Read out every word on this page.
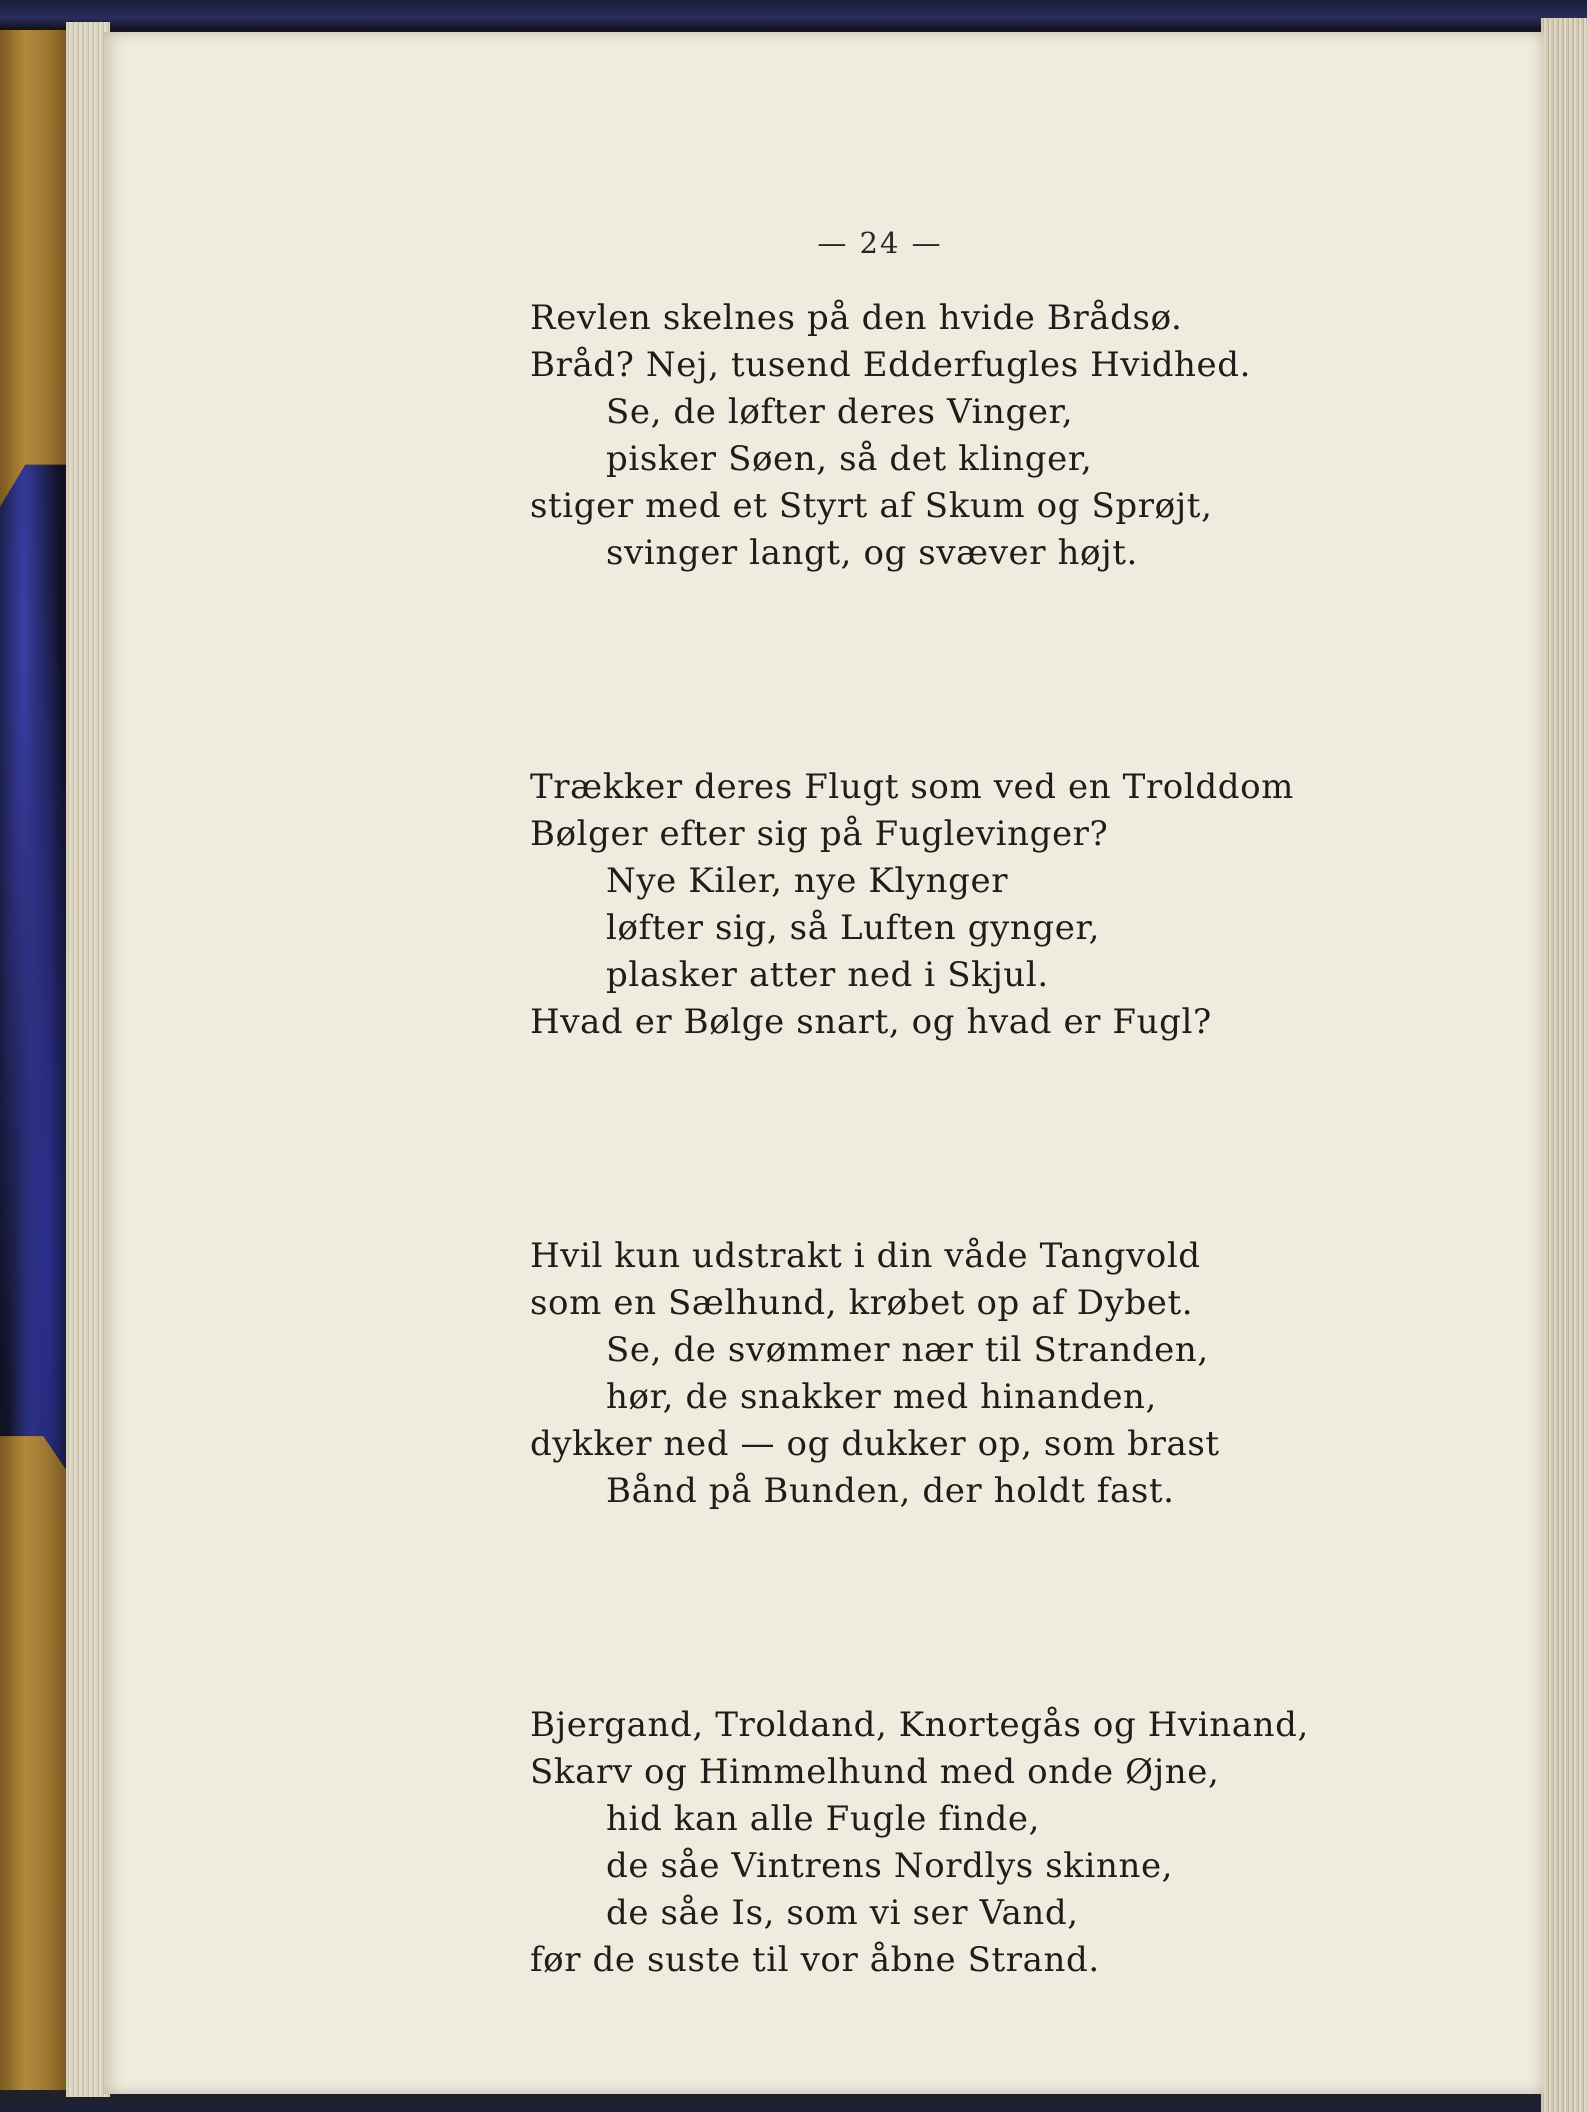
— 24 —
Revlen skelnes på den hvide Brådsø.
Bråd? Nej, tusend Edderfugles Hvidhed.
Se, de løfter deres Vinger,
pisker Søen, så det klinger,
stiger med et Styrt af Skum og Sprøjt,
svinger langt, og svæver højt.
Trækker deres Flugt som ved en Trolddom
Bølger efter sig på Fuglevinger?
Nye Kiler, nye Klynger
løfter sig, så Luften gynger,
plasker atter ned i Skjul.
Hvad er Bølge snart, og hvad er Fugl?
Hvil kun udstrakt i din våde Tangvold
som en Sælhund, krøbet op af Dybet.
Se, de svømmer nær til Stranden,
hør, de snakker med hinanden,
dykker ned — og dukker op, som brast
Bånd på Bunden, der holdt fast.
Bjergand, Troldand, Knortegås og Hvinand,
Skarv og Himmelhund med onde Øjne,
hid kan alle Fugle finde,
de såe Vintrens Nordlys skinne,
de såe Is, som vi ser Vand,
før de suste til vor åbne Strand.
